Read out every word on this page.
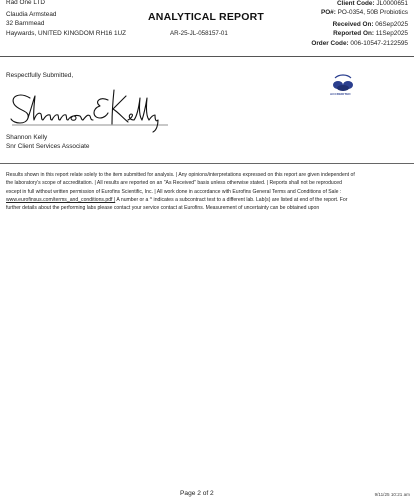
Rad One LTD
Claudia Armstead
32 Barnmead
Haywards, UNITED KINGDOM RH16 1UZ
ANALYTICAL REPORT
AR-25-JL-058157-01
Client Code: JL0000651
PO#: PO-0354, 50B Probiotics
Received On: 06Sep2025
Reported On: 11Sep2025
Order Code: 006-10547-2122595
Respectfully Submitted,
Shannon Kelly
Snr Client Services Associate
ACCREDITED
Results shown in this report relate solely to the item submitted for analysis. | Any opinions/interpretations expressed on this report are given independent of
the laboratory's scope of accreditation. | All results are reported on an "As Received" basis unless otherwise stated. | Reports shall not be reproduced
except in full without written permission of Eurofins Scientific, Inc. | All work done in accordance with Eurofins General Terms and Conditions of Sale :
www.eurofinsus.com/terms_and_conditions.pdf | A number or a ^ indicates a subcontract test to a different lab. Lab(s) are listed at end of the report. For
further details about the performing labs please contact your service contact at Eurofins. Measurement of uncertainty can be obtained upon
Page 2 of 2	9/11/25 10:21 am
